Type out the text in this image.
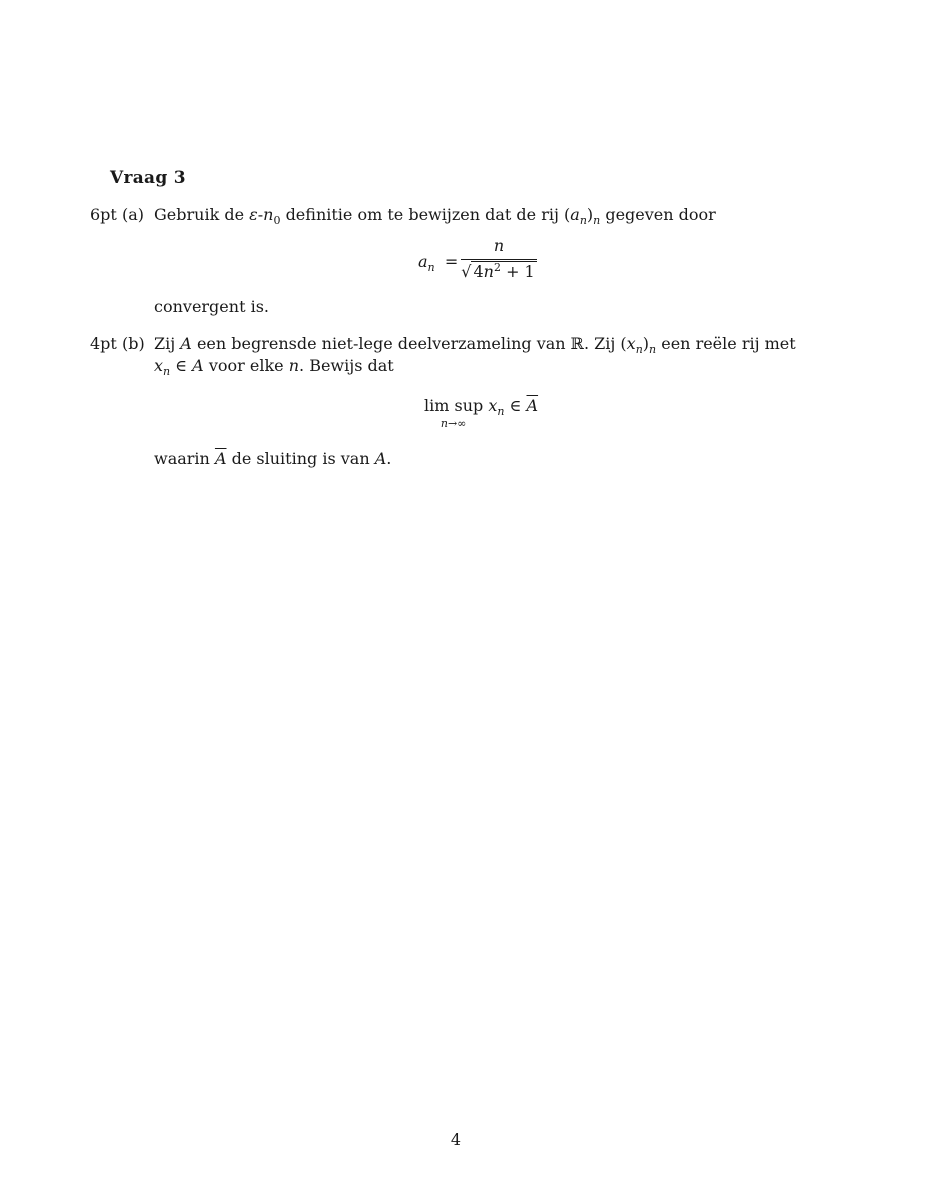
Vraag 3
6pt (a) Gebruik de $\varepsilon-n_0$ definitie om te bewijzen dat de rij $(a_n)_n$ gegeven door
$a_n$ =
n
√ $4n^2 + 1$
convergent is.
4pt (b) Zij A een begrensde niet-lege deelverzameling van ℝ. Zij $(x_n)_n$ een reële rij met
$x_n$ ∈ A voor elke n. Bewijs dat
lim sup
n→∞
$x_n$ ∈ $\overline{A}$
waarin $\overline{A}$ de sluiting is van A.
4
